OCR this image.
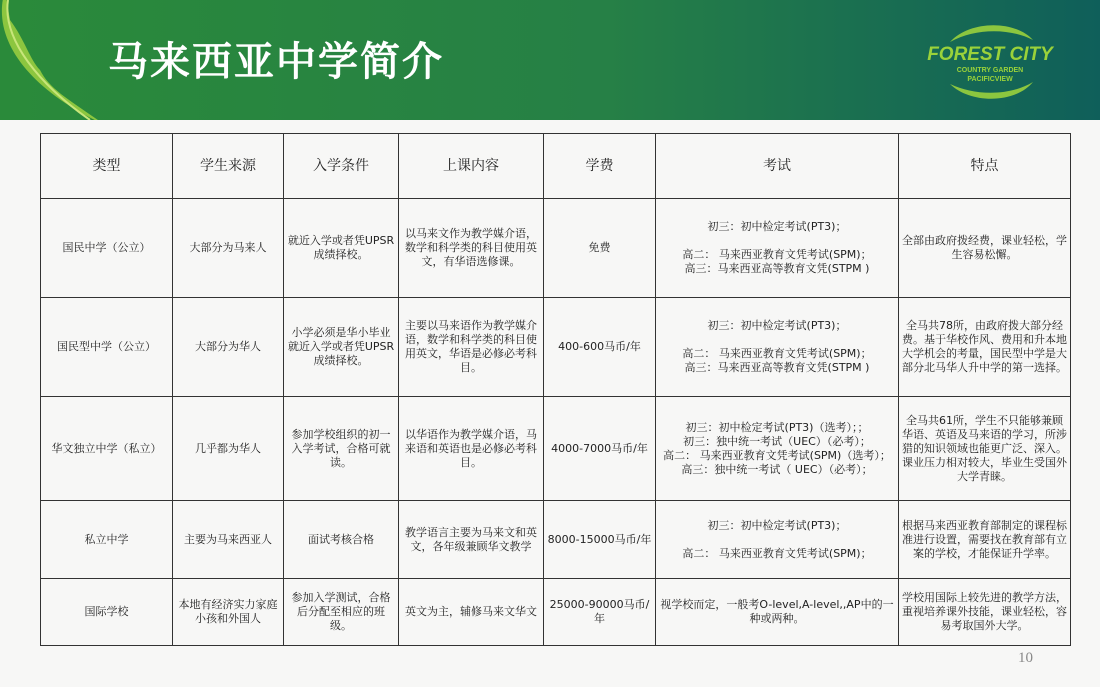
马来西亚中学简介	FOREST CITY
COUNTRY GARDEN
PACIFICVIEW
类型	学生来源	入学条件	上课内容	学费	考试	特点
国民中学（公立）	大部分为马来人	就近入学或者凭UPSR成绩择校。	以马来文作为教学媒介语，数学和科学类的科目使用英文，有华语选修课。	免费	初三：初中检定考试(PT3)；
高二： 马来西亚教育文凭考试(SPM)；
高三：马来西亚高等教育文凭(STPM )	全部由政府拨经费，课业轻松，学生容易松懈。
国民型中学（公立）	大部分为华人	小学必须是华小毕业就近入学或者凭UPSR成绩择校。	主要以马来语作为教学媒介语，数学和科学类的科目使用英文，华语是必修必考科目。	400-600马币/年	初三：初中检定考试(PT3)；
高二： 马来西亚教育文凭考试(SPM)；
高三：马来西亚高等教育文凭(STPM )	全马共78所，由政府拨大部分经费。基于华校作风、费用和升本地大学机会的考量，国民型中学是大部分北马华人升中学的第一选择。
华文独立中学（私立）	几乎都为华人	参加学校组织的初一入学考试，合格可就读。	以华语作为教学媒介语，马来语和英语也是必修必考科目。	4000-7000马币/年	初三：初中检定考试(PT3)（选考）；；
初三：独中统一考试（UEC）（必考）；
高二： 马来西亚教育文凭考试(SPM)（选考）；
高三：独中统一考试（ UEC）（必考）；	全马共61所，学生不只能够兼顾华语、英语及马来语的学习，所涉猎的知识领域也能更广泛、深入。课业压力相对较大，毕业生受国外大学青睐。
私立中学	主要为马来西亚人	面试考核合格	教学语言主要为马来文和英文，各年级兼顾华文教学	8000-15000马币/年	初三：初中检定考试(PT3)；
高二： 马来西亚教育文凭考试(SPM)；	根据马来西亚教育部制定的课程标准进行设置，需要找在教育部有立案的学校，才能保证升学率。
国际学校	本地有经济实力家庭小孩和外国人	参加入学测试，合格后分配至相应的班级。	英文为主，辅修马来文华文	25000-90000马币/年	视学校而定，一般考O-level,A-level,,AP中的一种或两种。	学校用国际上较先进的教学方法，重视培养课外技能，课业轻松，容易考取国外大学。
10
